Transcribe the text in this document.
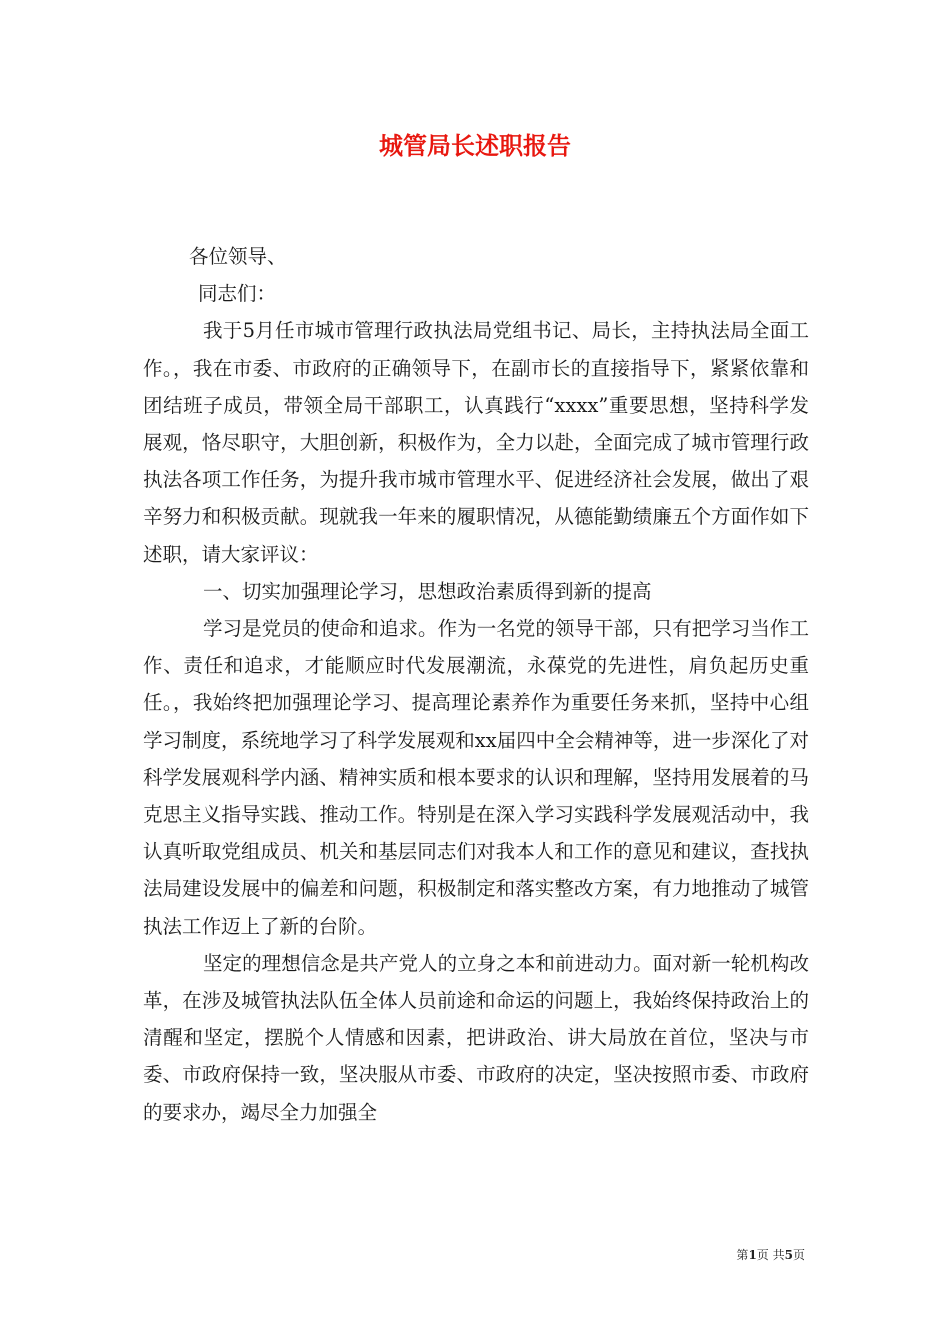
城管局长述职报告

各位领导、

同志们：

我于5月任市城市管理行政执法局党组书记、局长，主持执法局全面工作。，我在市委、市政府的正确领导下，在副市长的直接指导下，紧紧依靠和团结班子成员，带领全局干部职工，认真践行“xxxx”重要思想，坚持科学发展观，恪尽职守，大胆创新，积极作为，全力以赴，全面完成了城市管理行政执法各项工作任务，为提升我市城市管理水平、促进经济社会发展，做出了艰辛努力和积极贡献。现就我一年来的履职情况，从德能勤绩廉五个方面作如下述职，请大家评议：

一、切实加强理论学习，思想政治素质得到新的提高

学习是党员的使命和追求。作为一名党的领导干部，只有把学习当作工作、责任和追求，才能顺应时代发展潮流，永葆党的先进性，肩负起历史重任。，我始终把加强理论学习、提高理论素养作为重要任务来抓，坚持中心组学习制度，系统地学习了科学发展观和xx届四中全会精神等，进一步深化了对科学发展观科学内涵、精神实质和根本要求的认识和理解，坚持用发展着的马克思主义指导实践、推动工作。特别是在深入学习实践科学发展观活动中，我认真听取党组成员、机关和基层同志们对我本人和工作的意见和建议，查找执法局建设发展中的偏差和问题，积极制定和落实整改方案，有力地推动了城管执法工作迈上了新的台阶。

坚定的理想信念是共产党人的立身之本和前进动力。面对新一轮机构改革，在涉及城管执法队伍全体人员前途和命运的问题上，我始终保持政治上的清醒和坚定，摆脱个人情感和因素，把讲政治、讲大局放在首位，坚决与市委、市政府保持一致，坚决服从市委、市政府的决定，坚决按照市委、市政府的要求办，竭尽全力加强全

第1页 共5页
